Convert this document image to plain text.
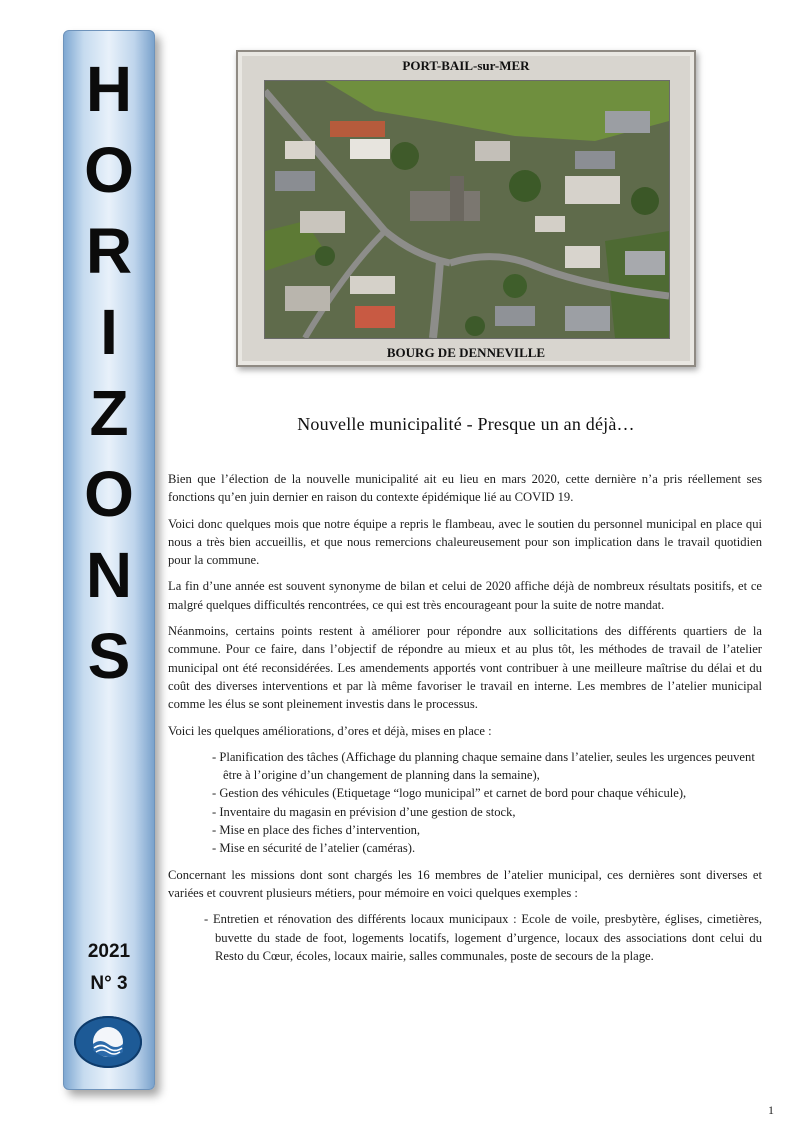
H
O
R
I
Z
O
N
S
2021
N° 3
PORT-BAIL-sur-MER
BOURG DE DENNEVILLE
Nouvelle municipalité - Presque un an déjà…

Bien que l’élection de la nouvelle municipalité ait eu lieu en mars 2020, cette dernière n’a pris réellement ses fonctions qu’en juin dernier en raison du contexte épidémique lié au COVID 19.

Voici donc quelques mois que notre équipe a repris le flambeau, avec le soutien du personnel municipal en place qui nous a très bien accueillis, et que nous remercions chaleureusement pour son implication dans le travail quotidien pour la commune.

La fin d’une année est souvent synonyme de bilan et celui de 2020 affiche déjà de nombreux résultats positifs, et ce malgré quelques difficultés rencontrées, ce qui est très encourageant pour la suite de notre mandat.

Néanmoins, certains points restent à améliorer pour répondre aux sollicitations des différents quartiers de la commune. Pour ce faire, dans l’objectif de répondre au mieux et au plus tôt, les méthodes de travail de l’atelier municipal ont été reconsidérées. Les amendements apportés vont contribuer à une meilleure maîtrise du délai et du coût des diverses interventions et par là même favoriser le travail en interne. Les membres de l’atelier municipal comme les élus se sont pleinement investis dans le processus.

Voici les quelques améliorations, d’ores et déjà, mises en place :

- Planification des tâches (Affichage du planning chaque semaine dans l’atelier, seules les urgences peuvent être à l’origine d’un changement de planning dans la semaine),
- Gestion des véhicules (Etiquetage “logo municipal” et carnet de bord pour chaque véhicule),
- Inventaire du magasin en prévision d’une gestion de stock,
- Mise en place des fiches d’intervention,
- Mise en sécurité de l’atelier (caméras).

Concernant les missions dont sont chargés les 16 membres de l’atelier municipal, ces dernières sont diverses et variées et couvrent plusieurs métiers, pour mémoire en voici quelques exemples :

- Entretien et rénovation des différents locaux municipaux : Ecole de voile, presbytère, églises, cimetières, buvette du stade de foot, logements locatifs, logement d’urgence, locaux des associations dont celui du Resto du Cœur, écoles, locaux mairie, salles communales, poste de secours de la plage.
1
